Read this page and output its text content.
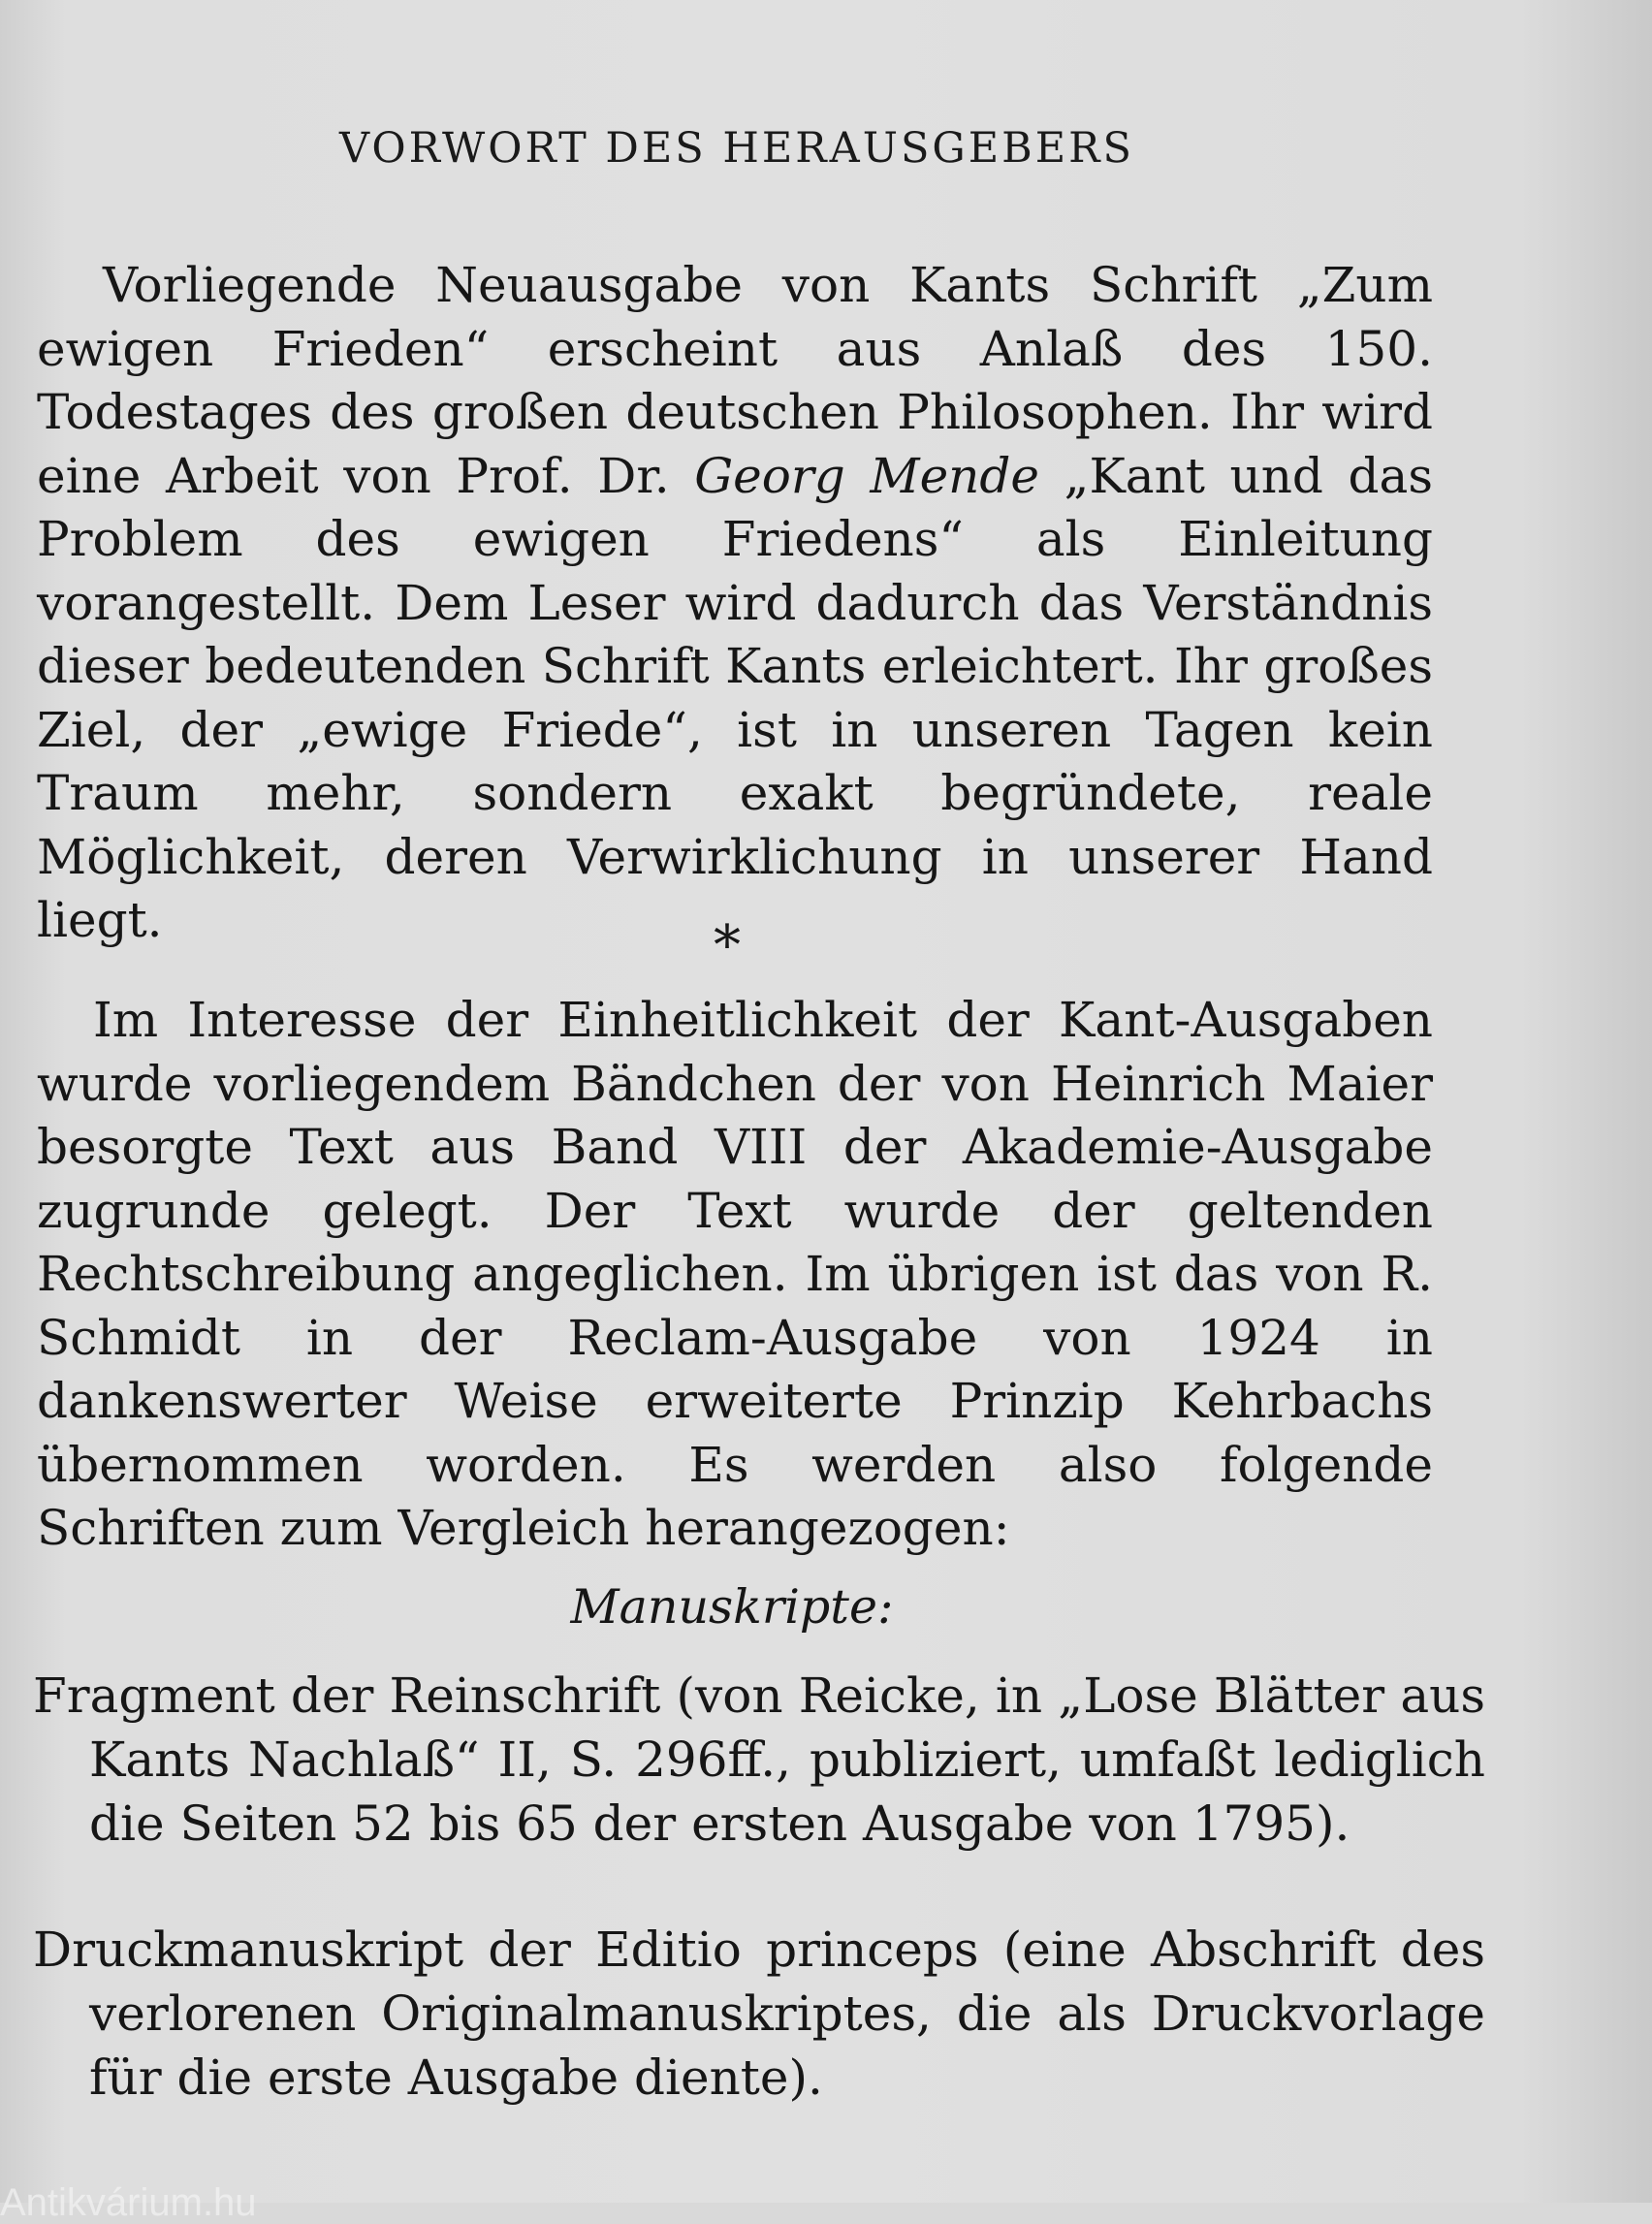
VORWORT DES HERAUSGEBERS

Vorliegende Neuausgabe von Kants Schrift „Zum ewigen Frieden“ erscheint aus Anlaß des 150. Todestages des großen deutschen Philosophen. Ihr wird eine Arbeit von Prof. Dr. Georg Mende „Kant und das Problem des ewigen Friedens“ als Einleitung vorangestellt. Dem Leser wird dadurch das Verständnis dieser bedeutenden Schrift Kants erleichtert. Ihr großes Ziel, der „ewige Friede“, ist in unseren Tagen kein Traum mehr, sondern exakt begründete, reale Möglichkeit, deren Verwirklichung in unserer Hand liegt.	*

Im Interesse der Einheitlichkeit der Kant-Ausgaben wurde vorliegendem Bändchen der von Heinrich Maier besorgte Text aus Band VIII der Akademie-Ausgabe zugrunde gelegt. Der Text wurde der geltenden Rechtschreibung angeglichen. Im übrigen ist das von R. Schmidt in der Reclam-Ausgabe von 1924 in dankenswerter Weise erweiterte Prinzip Kehrbachs übernommen worden. Es werden also folgende Schriften zum Vergleich herangezogen:

Manuskripte:

Fragment der Reinschrift (von Reicke, in „Lose Blätter aus Kants Nachlaß“ II, S. 296ff., publiziert, umfaßt lediglich die Seiten 52 bis 65 der ersten Ausgabe von 1795).

Druckmanuskript der Editio princeps (eine Abschrift des verlorenen Originalmanuskriptes, die als Druckvorlage für die erste Ausgabe diente).

Antikvárium.hu
